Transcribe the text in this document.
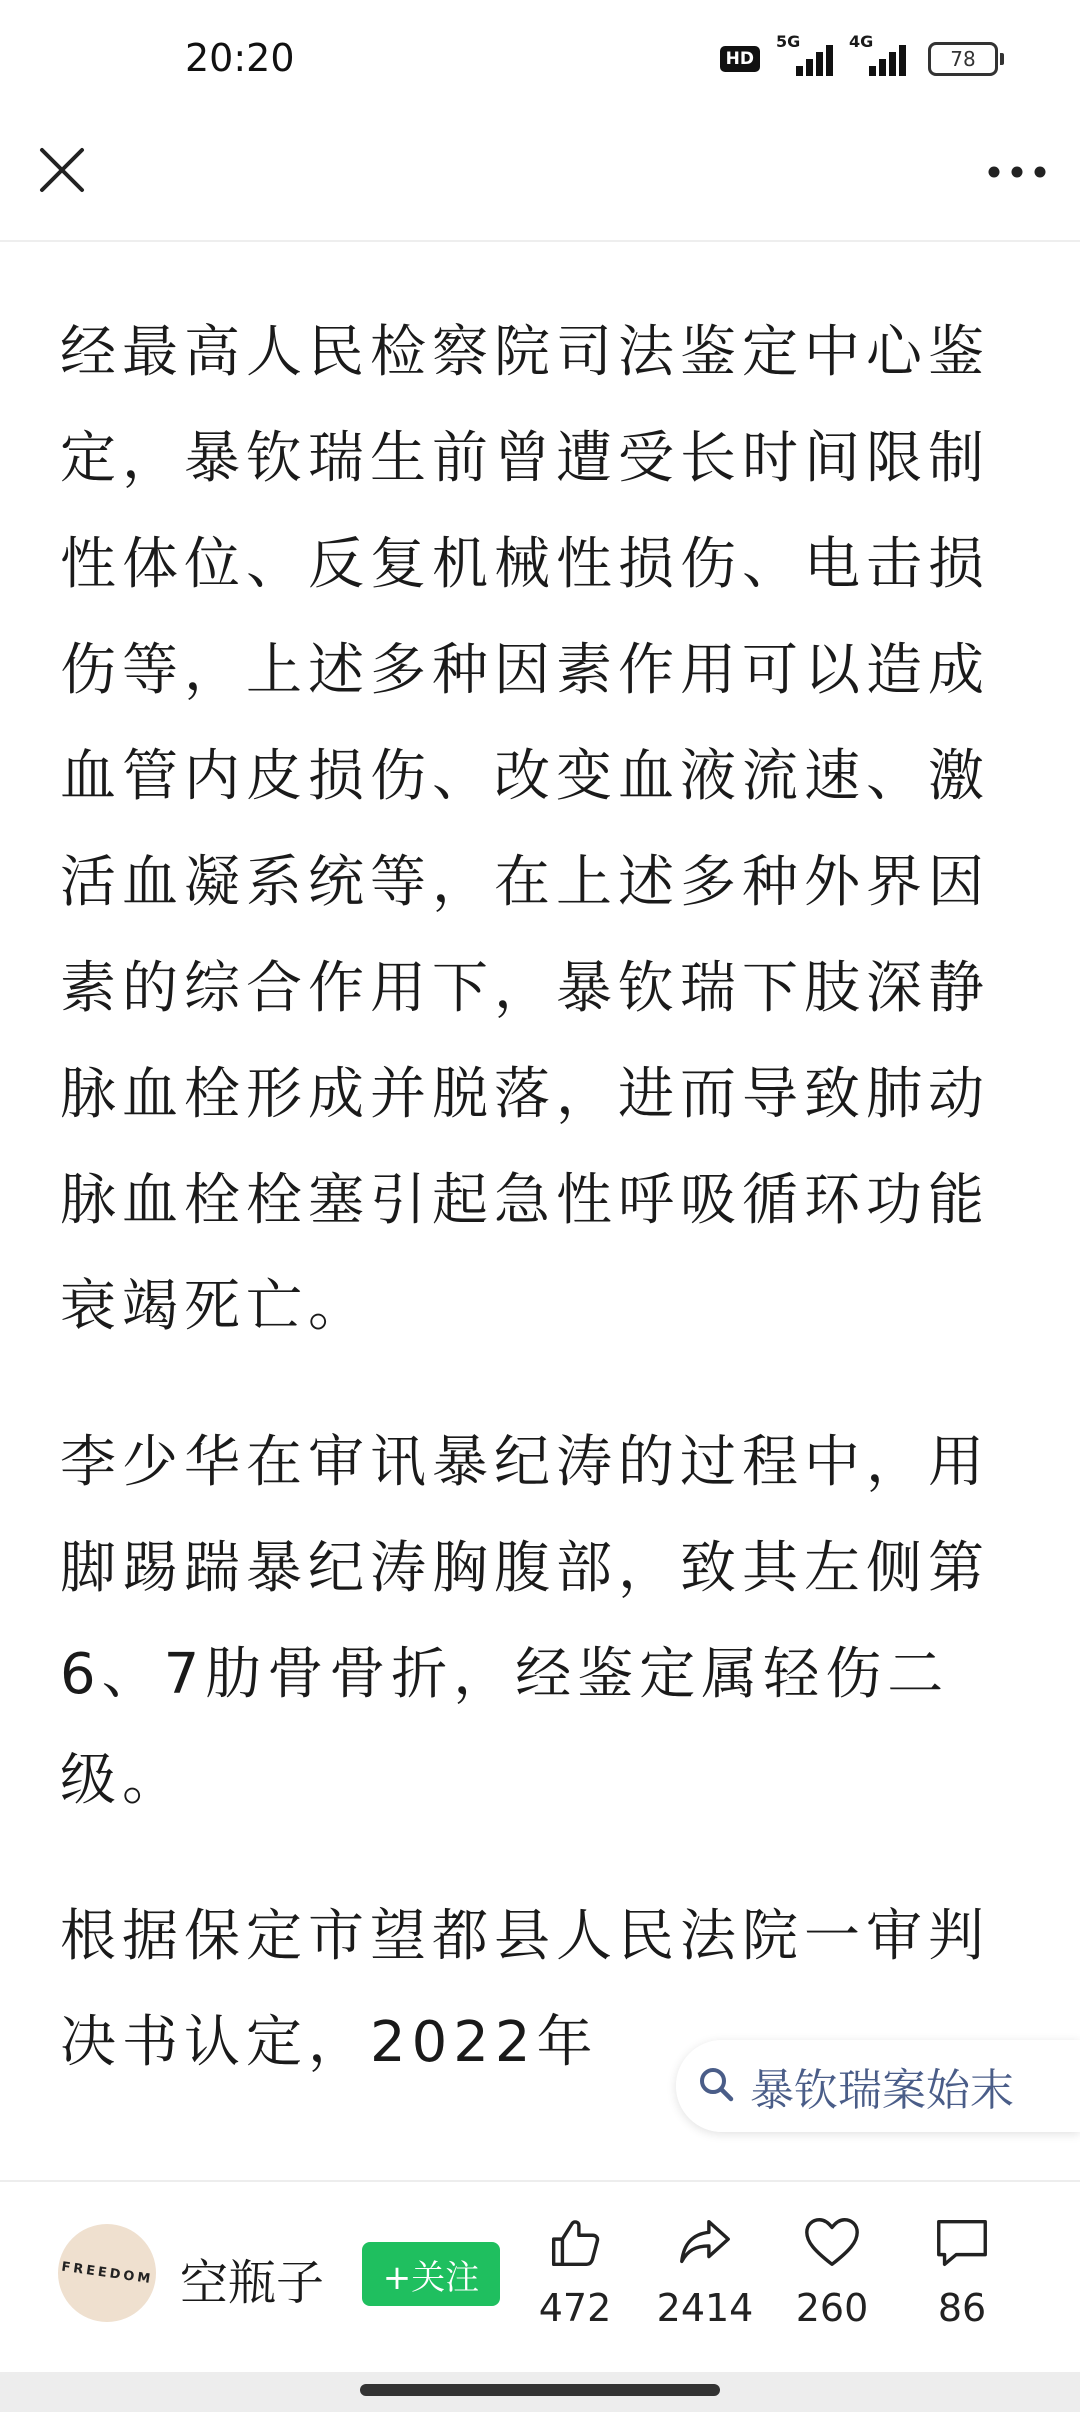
20:20	HD
5G	4G
78

经最高人民检察院司法鉴定中心鉴定，暴钦瑞生前曾遭受长时间限制性体位、反复机械性损伤、电击损伤等，上述多种因素作用可以造成血管内皮损伤、改变血液流速、激活血凝系统等，在上述多种外界因素的综合作用下，暴钦瑞下肢深静脉血栓形成并脱落，进而导致肺动脉血栓栓塞引起急性呼吸循环功能衰竭死亡。

李少华在审讯暴纪涛的过程中，用脚踢踹暴纪涛胸腹部，致其左侧第 6、7肋骨骨折，经鉴定属轻伤二级。

根据保定市望都县人民法院一审判决书认定，2022年

暴钦瑞案始末
FREEDOM 空瓶子	+关注
472 2414 260 86
